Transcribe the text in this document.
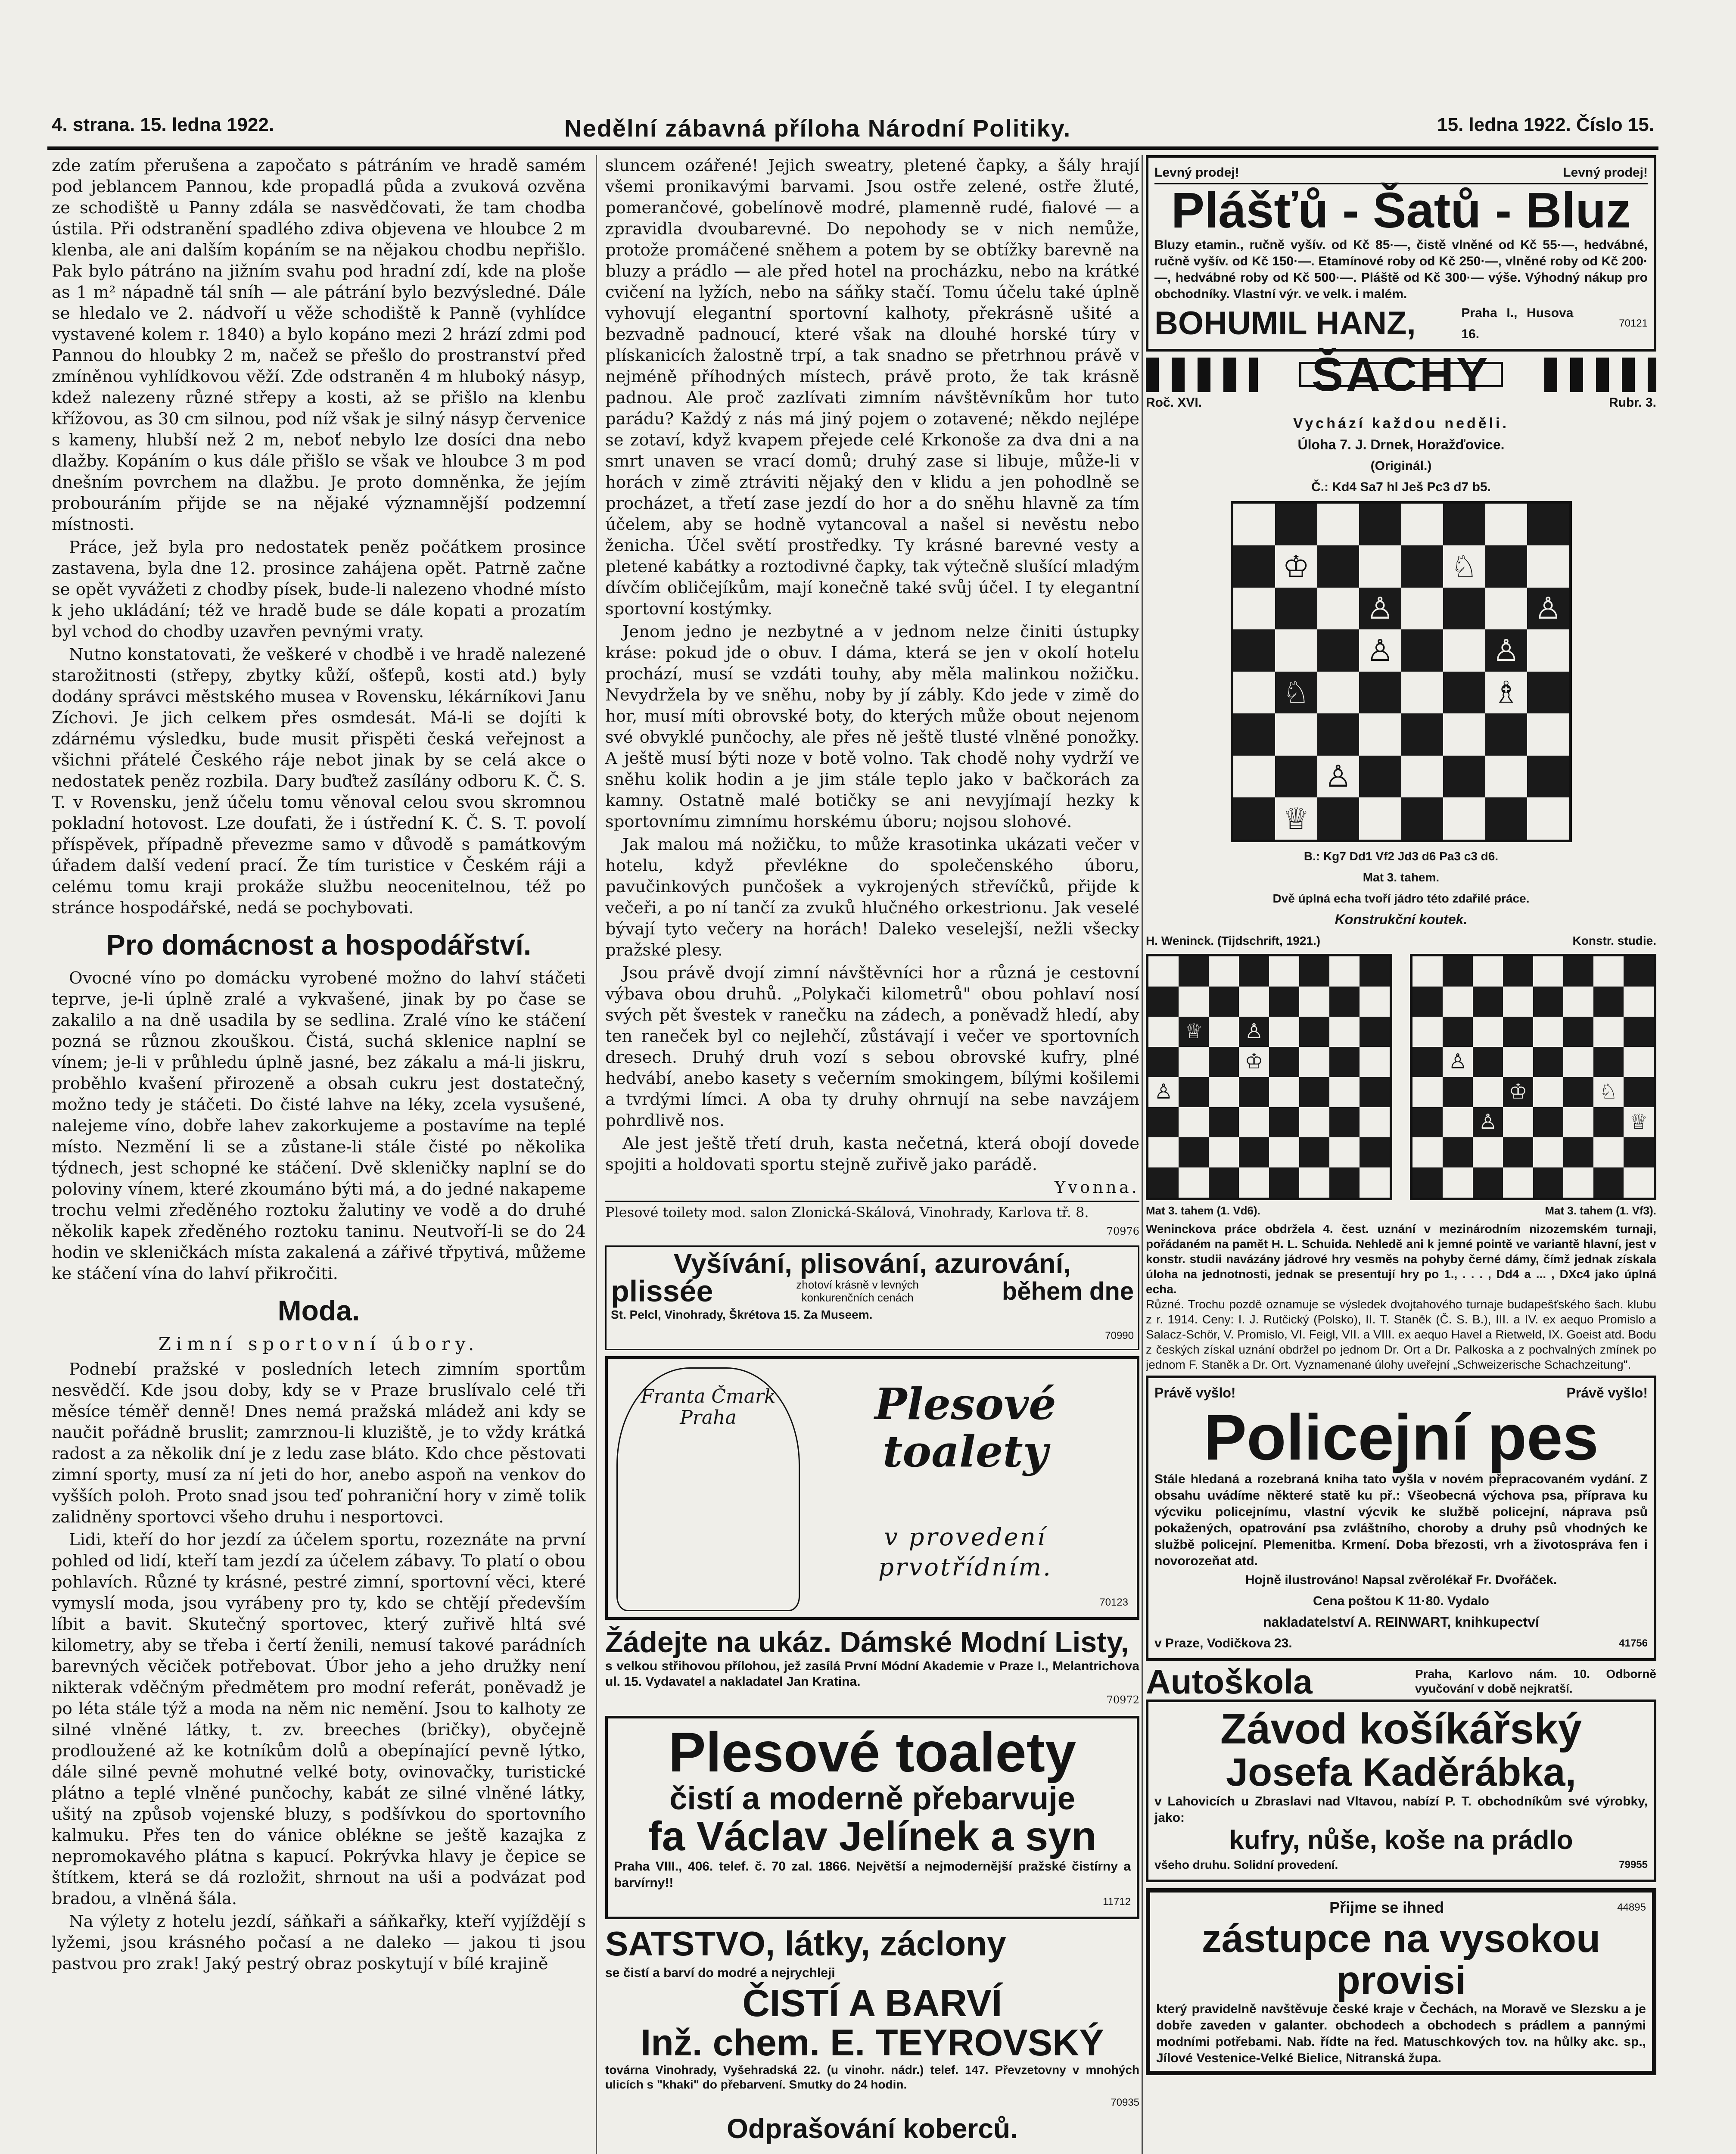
4. strana. 15. ledna 1922.	Nedělní zábavná příloha Národní Politiky.	15. ledna 1922. Číslo 15.

zde zatím přerušena a započato s pátráním ve hradě samém pod jeblancem Pannou, kde propadlá půda a zvuková ozvěna ze schodiště u Panny zdála se nasvědčovati, že tam chodba ústila. Při odstranění spadlého zdiva objevena ve hloubce 2 m klenba, ale ani dalším kopáním se na nějakou chodbu nepřišlo. Pak bylo pátráno na jižním svahu pod hradní zdí, kde na ploše as 1 m² nápadně tál sníh — ale pátrání bylo bezvýsledné. Dále se hledalo ve 2. nádvoří u věže schodiště k Panně (vyhlídce vystavené kolem r. 1840) a bylo kopáno mezi 2 hrází zdmi pod Pannou do hloubky 2 m, načež se přešlo do prostranství před zmíněnou vyhlídkovou věží. Zde odstraněn 4 m hluboký násyp, kdež nalezeny různé střepy a kosti, až se přišlo na klenbu křížovou, as 30 cm silnou, pod níž však je silný násyp červenice s kameny, hlubší než 2 m, neboť nebylo lze dosíci dna nebo dlažby. Kopáním o kus dále přišlo se však ve hloubce 3 m pod dnešním povrchem na dlažbu. Je proto domněnka, že jejím probouráním přijde se na nějaké významnější podzemní místnosti.

Práce, jež byla pro nedostatek peněz počátkem prosince zastavena, byla dne 12. prosince zahájena opět. Patrně začne se opět vyvážeti z chodby písek, bude-li nalezeno vhodné místo k jeho ukládání; též ve hradě bude se dále kopati a prozatím byl vchod do chodby uzavřen pevnými vraty.

Nutno konstatovati, že veškeré v chodbě i ve hradě nalezené starožitnosti (střepy, zbytky kůží, ošťepů, kosti atd.) byly dodány správci městského musea v Rovensku, lékárníkovi Janu Zíchovi. Je jich celkem přes osmdesát. Má-li se dojíti k zdárnému výsledku, bude musit přispěti česká veřejnost a všichni přátelé Českého ráje nebot jinak by se celá akce o nedostatek peněz rozbila. Dary buďtež zasílány odboru K. Č. S. T. v Rovensku, jenž účelu tomu věnoval celou svou skromnou pokladní hotovost. Lze doufati, že i ústřední K. Č. S. T. povolí příspěvek, případně převezme samo v důvodě s památkovým úřadem další vedení prací. Že tím turistice v Českém ráji a celému tomu kraji prokáže službu neocenitelnou, též po stránce hospodářské, nedá se pochybovati.

Pro domácnost a hospodářství.

Ovocné víno po domácku vyrobené možno do lahví stáčeti teprve, je-li úplně zralé a vykvašené, jinak by po čase se zakalilo a na dně usadila by se sedlina. Zralé víno ke stáčení pozná se různou zkouškou. Čistá, suchá sklenice naplní se vínem; je-li v průhledu úplně jasné, bez zákalu a má-li jiskru, proběhlo kvašení přirozeně a obsah cukru jest dostatečný, možno tedy je stáčeti. Do čisté lahve na léky, zcela vysušené, nalejeme víno, dobře lahev zakorkujeme a postavíme na teplé místo. Nezmění li se a zůstane-li stále čisté po několika týdnech, jest schopné ke stáčení. Dvě skleničky naplní se do poloviny vínem, které zkoumáno býti má, a do jedné nakapeme trochu velmi zředěného roztoku žalutiny ve vodě a do druhé několik kapek zředěného roztoku taninu. Neutvoří-li se do 24 hodin ve skleničkách místa zakalená a zářivé třpytivá, můžeme ke stáčení vína do lahví přikročiti.

Moda.
Zimní sportovní úbory.

Podnebí pražské v posledních letech zimním sportům nesvědčí. Kde jsou doby, kdy se v Praze bruslívalo celé tři měsíce téměř denně! Dnes nemá pražská mládež ani kdy se naučit pořádně bruslit; zamrznou-li kluziště, je to vždy krátká radost a za několik dní je z ledu zase bláto. Kdo chce pěstovati zimní sporty, musí za ní jeti do hor, anebo aspoň na venkov do vyšších poloh. Proto snad jsou teď pohraniční hory v zimě tolik zalidněny sportovci všeho druhu i nesportovci.

Lidi, kteří do hor jezdí za účelem sportu, rozeznáte na první pohled od lidí, kteří tam jezdí za účelem zábavy. To platí o obou pohlavích. Různé ty krásné, pestré zimní, sportovní věci, které vymyslí moda, jsou vyrábeny pro ty, kdo se chtějí především líbit a bavit. Skutečný sportovec, který zuřivě hltá své kilometry, aby se třeba i čertí ženili, nemusí takové parádních barevných věciček potřebovat. Úbor jeho a jeho družky není nikterak vděčným předmětem pro modní referát, poněvadž je po léta stále týž a moda na něm nic nemění. Jsou to kalhoty ze silné vlněné látky, t. zv. breeches (bričky), obyčejně prodloužené až ke kotníkům dolů a obepínající pevně lýtko, dále silné pevně mohutné velké boty, ovinovačky, turistické plátno a teplé vlněné punčochy, kabát ze silné vlněné látky, ušitý na způsob vojenské bluzy, s podšívkou do sportovního kalmuku. Přes ten do vánice oblékne se ještě kazajka z nepromokavého plátna s kapucí. Pokrývka hlavy je čepice se štítkem, která se dá rozložit, shrnout na uši a podvázat pod bradou, a vlněná šála.

Na výlety z hotelu jezdí, sáňkaři a sáňkařky, kteří vyjíždějí s lyžemi, jsou krásného počasí a ne daleko — jakou ti jsou pastvou pro zrak! Jaký pestrý obraz poskytují v bílé krajině

sluncem ozářené! Jejich sweatry, pletené čapky, a šály hrají všemi pronikavými barvami. Jsou ostře zelené, ostře žluté, pomerančové, gobelínově modré, plamenně rudé, fialové — a zpravidla dvoubarevné. Do nepohody se v nich nemůže, protože promáčené sněhem a potem by se obtížky barevně na bluzy a prádlo — ale před hotel na procházku, nebo na krátké cvičení na lyžích, nebo na sáňky stačí. Tomu účelu také úplně vyhovují elegantní sportovní kalhoty, překrásně ušité a bezvadně padnoucí, které však na dlouhé horské túry v plískanicích žalostně trpí, a tak snadno se přetrhnou právě v nejméně příhodných místech, právě proto, že tak krásně padnou. Ale proč zazlívati zimním návštěvníkům hor tuto parádu? Každý z nás má jiný pojem o zotavené; někdo nejlépe se zotaví, když kvapem přejede celé Krkonoše za dva dni a na smrt unaven se vrací domů; druhý zase si libuje, může-li v horách v zimě ztráviti nějaký den v klidu a jen pohodlně se procházet, a třetí zase jezdí do hor a do sněhu hlavně za tím účelem, aby se hodně vytancoval a našel si nevěstu nebo ženicha. Účel světí prostředky. Ty krásné barevné vesty a pletené kabátky a roztodivné čapky, tak výtečně slušící mladým dívčím obličejíkům, mají konečně také svůj účel. I ty elegantní sportovní kostýmky.

Jenom jedno je nezbytné a v jednom nelze činiti ústupky kráse: pokud jde o obuv. I dáma, která se jen v okolí hotelu prochází, musí se vzdáti touhy, aby měla malinkou nožičku. Nevydržela by ve sněhu, noby by jí zábly. Kdo jede v zimě do hor, musí míti obrovské boty, do kterých může obout nejenom své obvyklé punčochy, ale přes ně ještě tlusté vlněné ponožky. A ještě musí býti noze v botě volno. Tak chodě nohy vydrží ve sněhu kolik hodin a je jim stále teplo jako v bačkorách za kamny. Ostatně malé botičky se ani nevyjímají hezky k sportovnímu zimnímu horskému úboru; nojsou slohové.

Jak malou má nožičku, to může krasotinka ukázati večer v hotelu, když převlékne do společenského úboru, pavučinkových punčošek a vykrojených střevíčků, přijde k večeři, a po ní tančí za zvuků hlučného orkestrionu. Jak veselé bývají tyto večery na horách! Daleko veselejší, nežli všecky pražské plesy.

Jsou právě dvojí zimní návštěvníci hor a různá je cestovní výbava obou druhů. „Polykači kilometrů" obou pohlaví nosí svých pět švestek v ranečku na zádech, a poněvadž hledí, aby ten raneček byl co nejlehčí, zůstávají i večer ve sportovních dresech. Druhý druh vozí s sebou obrovské kufry, plné hedvábí, anebo kasety s večerním smokingem, bílými košilemi a tvrdými límci. A oba ty druhy ohrnují na sebe navzájem pohrdlivě nos.

Ale jest ještě třetí druh, kasta nečetná, která obojí dovede spojiti a holdovati sportu stejně zuřivě jako parádě.

Yvonna.

Plesové toilety mod. salon Zlonická-Skálová, Vinohrady, Karlova tř. 8.
70976
Vyšívání, plisování, azurování,
plissée	zhotoví krásně v levných konkurenčních cenách	během dne
St. Pelcl, Vinohrady, Škrétova 15. Za Museem.
70990
Franta Čmark Praha	Plesové
toalety
v provedení
prvotřídním.
70123
Žádejte na ukáz. Dámské Modní Listy,
s velkou střihovou přílohou, jež zasílá První Módní Akademie v Praze I., Melantrichova ul. 15. Vydavatel a nakladatel Jan Kratina.
70972
Plesové toalety
čistí a moderně přebarvuje
fa Václav Jelínek a syn
Praha VIII., 406. telef. č. 70 zal. 1866. Největší a nejmodernější pražské čistírny a barvírny!!
11712
SATSTVO, látky, záclony
se čistí a barví do modré a nejrychleji
ČISTÍ A BARVÍ
Inž. chem. E. TEYROVSKÝ
továrna Vinohrady, Vyšehradská 22. (u vinohr. nádr.) telef. 147. Převzetovny v mnohých ulicích s "khaki" do přebarvení. Smutky do 24 hodin.
70935
Odprašování koberců.
Levný prodej!	Levný prodej!
Plášťů - Šatů - Bluz
Bluzy etamin., ručně vyšív. od Kč 85·—, čistě vlněné od Kč 55·—, hedvábné, ručně vyšív. od Kč 150·—. Etamínové roby od Kč 250·—, vlněné roby od Kč 200·—, hedvábné roby od Kč 500·—. Pláště od Kč 300·— výše. Výhodný nákup pro obchodníky. Vlastní výr. ve velk. i malém.
BOHUMIL HANZ,	Praha I., Husova 16.
70121
ŠACHY
Roč. XVI.	Rubr. 3.
Vychází každou neděli.
Úloha 7. J. Drnek, Horažďovice.
(Originál.)
Č.: Kd4 Sa7 hl Ješ Pc3 d7 b5.
♔	♘
♙	♙
♙	♙
♘	♗
♙
♕
B.: Kg7 Dd1 Vf2 Jd3 d6 Pa3 c3 d6.
Mat 3. tahem.
Dvě úplná echa tvoří jádro této zdařilé práce.
Konstrukční koutek.
H. Weninck. (Tijdschrift, 1921.)	Konstr. studie.
♕ ♙
♔
♙
♙
♔	♘
♙	♕
Mat 3. tahem (1. Vd6).	Mat 3. tahem (1. Vf3).
Weninckova práce obdržela 4. čest. uznání v mezinárodním nizozemském turnaji, pořádaném na pamět H. L. Schuida. Nehledě ani k jemné pointě ve variantě hlavní, jest v konstr. studii navázány jádrové hry vesměs na pohyby černé dámy, čímž jednak získala úloha na jednotnosti, jednak se presentují hry po 1., . . . , Dd4 a ... , DXc4 jako úplná echa.
Různé. Trochu pozdě oznamuje se výsledek dvojtahového turnaje budapešťského šach. klubu z r. 1914. Ceny: I. J. Rutčický (Polsko), II. T. Staněk (Č. S. B.), III. a IV. ex aequo Promislo a Salacz-Schör, V. Promislo, VI. Feigl, VII. a VIII. ex aequo Havel a Rietweld, IX. Goeist atd. Bodu z českých získal uznání obdržel po jednom Dr. Ort a Dr. Palkoska a z pochvalných zmínek po jednom F. Staněk a Dr. Ort. Vyznamenané úlohy uveřejní „Schweizerische Schachzeitung".
Právě vyšlo!	Právě vyšlo!
Policejní pes
Stále hledaná a rozebraná kniha tato vyšla v novém přepracovaném vydání. Z obsahu uvádíme některé statě ku př.: Všeobecná výchova psa, příprava ku výcviku policejnímu, vlastní výcvik ke službě policejní, náprava psů pokažených, opatrování psa zvláštního, choroby a druhy psů vhodných ke službě policejní. Plemenitba. Krmení. Doba březosti, vrh a životospráva fen i novorozeňat atd.
Hojně ilustrováno! Napsal zvěrolékař Fr. Dvořáček.
Cena poštou K 11·80. Vydalo
nakladatelství A. REINWART, knihkupectví
v Praze, Vodičkova 23.	41756
Autoškola	Praha, Karlovo nám. 10. Odborně vyučování v době nejkratší.
Závod košíkářský
Josefa Kaděrábka,
v Lahovicích u Zbraslavi nad Vltavou, nabízí P. T. obchodníkům své výrobky, jako:
kufry, nůše, koše na prádlo
všeho druhu. Solidní provedení.	79955
Přijme se ihned	44895
zástupce na vysokou provisi
který pravidelně navštěvuje české kraje v Čechách, na Moravě ve Slezsku a je dobře zaveden v galanter. obchodech a obchodech s prádlem a pannými modními potřebami. Nab. řídte na řed. Matuschkových tov. na hůlky akc. sp., Jílové Vestenice-Velké Bielice, Nitranská župa.
